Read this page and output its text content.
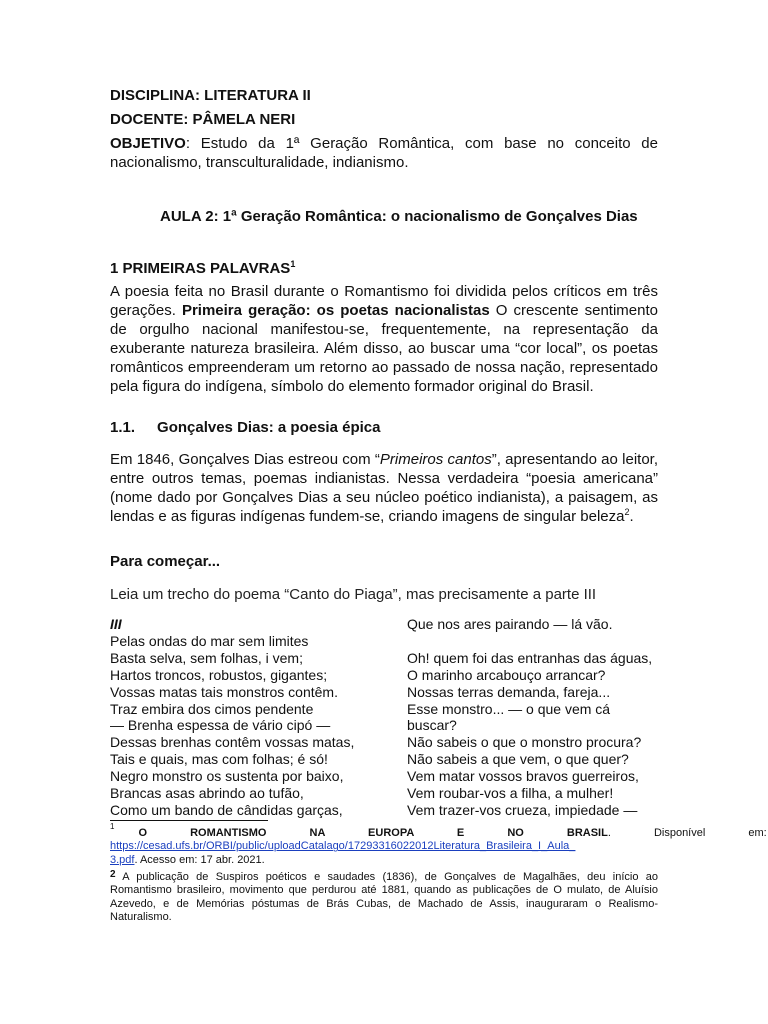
DISCIPLINA: LITERATURA II
DOCENTE: PÂMELA NERI
OBJETIVO: Estudo da 1ª Geração Romântica, com base no conceito de nacionalismo, transculturalidade, indianismo.
AULA 2: 1ª Geração Romântica: o nacionalismo de Gonçalves Dias
1 PRIMEIRAS PALAVRAS$^1$
A poesia feita no Brasil durante o Romantismo foi dividida pelos críticos em três gerações. Primeira geração: os poetas nacionalistas O crescente sentimento de orgulho nacional manifestou-se, frequentemente, na representação da exuberante natureza brasileira. Além disso, ao buscar uma “cor local”, os poetas românticos empreenderam um retorno ao passado de nossa nação, representado pela figura do indígena, símbolo do elemento formador original do Brasil.
1.1. Gonçalves Dias: a poesia épica
Em 1846, Gonçalves Dias estreou com “Primeiros cantos”, apresentando ao leitor, entre outros temas, poemas indianistas. Nessa verdadeira “poesia americana” (nome dado por Gonçalves Dias a seu núcleo poético indianista), a paisagem, as lendas e as figuras indígenas fundem-se, criando imagens de singular beleza$^2$.
Para começar...
Leia um trecho do poema “Canto do Piaga”, mas precisamente a parte III
III
Pelas ondas do mar sem limites
Basta selva, sem folhas, i vem;
Hartos troncos, robustos, gigantes;
Vossas matas tais monstros contêm.
Traz embira dos cimos pendente
— Brenha espessa de vário cipó —
Dessas brenhas contêm vossas matas,
Tais e quais, mas com folhas; é só!
Negro monstro os sustenta por baixo,
Brancas asas abrindo ao tufão,
Como um bando de cândidas garças,
Que nos ares pairando — lá vão.

Oh! quem foi das entranhas das águas,
O marinho arcabouço arrancar?
Nossas terras demanda, fareja...
Esse monstro... — o que vem cá
buscar?
Não sabeis o que o monstro procura?
Não sabeis a que vem, o que quer?
Vem matar vossos bravos guerreiros,
Vem roubar-vos a filha, a mulher!
Vem trazer-vos crueza, impiedade —
1
O ROMANTISMO NA EUROPA E NO BRASIL . Disponível em:
https://cesad.ufs.br/ORBI/public/uploadCatalago/17293316022012Literatura_Brasileira_I_Aula_
3.pdf. Acesso em: 17 abr. 2021.
2 A publicação de Suspiros poéticos e saudades (1836), de Gonçalves de Magalhães, deu início ao Romantismo brasileiro, movimento que perdurou até 1881, quando as publicações de O mulato, de Aluísio Azevedo, e de Memórias póstumas de Brás Cubas, de Machado de Assis, inauguraram o Realismo-Naturalismo.
